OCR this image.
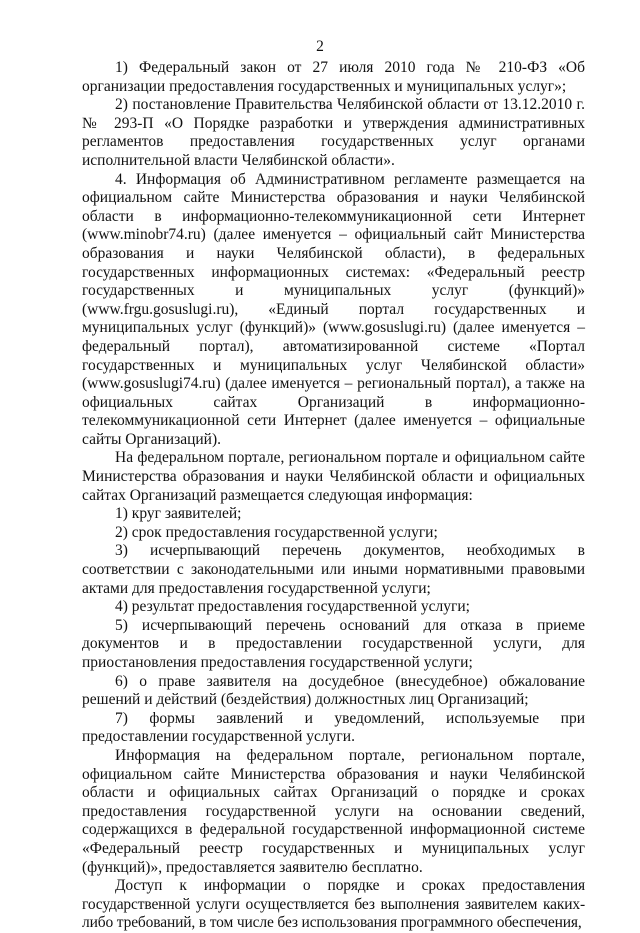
2

1) Федеральный закон от 27 июля 2010 года № 210-ФЗ «Об организации предоставления государственных и муниципальных услуг»;

2) постановление Правительства Челябинской области от 13.12.2010 г. № 293-П «О Порядке разработки и утверждения административных регламентов предоставления государственных услуг органами исполнительной власти Челябинской области».

4. Информация об Административном регламенте размещается на официальном сайте Министерства образования и науки Челябинской области в информационно-телекоммуникационной сети Интернет (www.minobr74.ru) (далее именуется – официальный сайт Министерства образования и науки Челябинской области), в федеральных государственных информационных системах: «Федеральный реестр государственных и муниципальных услуг (функций)» (www.frgu.gosuslugi.ru), «Единый портал государственных и муниципальных услуг (функций)» (www.gosuslugi.ru) (далее именуется – федеральный портал), автоматизированной системе «Портал государственных и муниципальных услуг Челябинской области» (www.gosuslugi74.ru) (далее именуется – региональный портал), а также на официальных сайтах Организаций в информационно-телекоммуникационной сети Интернет (далее именуется – официальные сайты Организаций).

На федеральном портале, региональном портале и официальном сайте Министерства образования и науки Челябинской области и официальных сайтах Организаций размещается следующая информация:

1) круг заявителей;

2) срок предоставления государственной услуги;

3) исчерпывающий перечень документов, необходимых в соответствии с законодательными или иными нормативными правовыми актами для предоставления государственной услуги;

4) результат предоставления государственной услуги;

5) исчерпывающий перечень оснований для отказа в приеме документов и в предоставлении государственной услуги, для приостановления предоставления государственной услуги;

6) о праве заявителя на досудебное (внесудебное) обжалование решений и действий (бездействия) должностных лиц Организаций;

7) формы заявлений и уведомлений, используемые при предоставлении государственной услуги.

Информация на федеральном портале, региональном портале, официальном сайте Министерства образования и науки Челябинской области и официальных сайтах Организаций о порядке и сроках предоставления государственной услуги на основании сведений, содержащихся в федеральной государственной информационной системе «Федеральный реестр государственных и муниципальных услуг (функций)», предоставляется заявителю бесплатно.

Доступ к информации о порядке и сроках предоставления государственной услуги осуществляется без выполнения заявителем каких-либо требований, в том числе без использования программного обеспечения,
